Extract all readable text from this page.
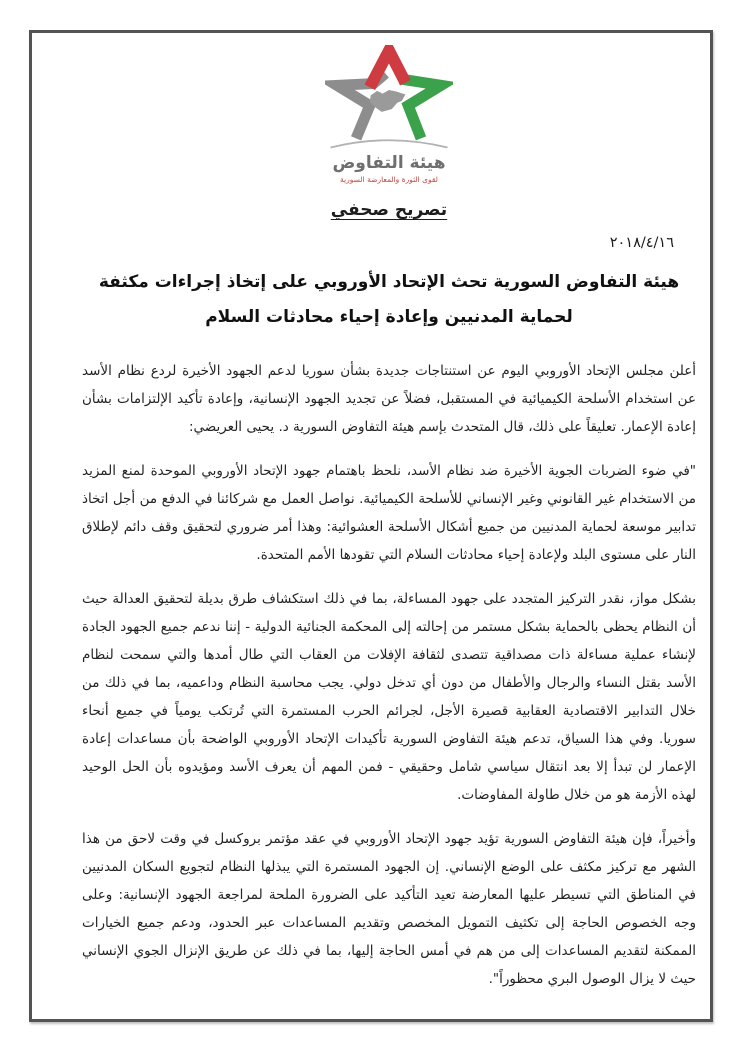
هيئة التفاوض
لقوى الثورة والمعارضة السورية
تصريح صحفي
٢٠١٨/٤/١٦
هيئة التفاوض السورية تحث الإتحاد الأوروبي على إتخاذ إجراءات مكثفة لحماية المدنيين وإعادة إحياء محادثات السلام

أعلن مجلس الإتحاد الأوروبي اليوم عن استنتاجات جديدة بشأن سوريا لدعم الجهود الأخيرة لردع نظام الأسد عن استخدام الأسلحة الكيميائية في المستقبل، فضلاً عن تجديد الجهود الإنسانية، وإعادة تأكيد الإلتزامات بشأن إعادة الإعمار. تعليقاً على ذلك، قال المتحدث بإسم هيئة التفاوض السورية د. يحيى العريضي:

"في ضوء الضربات الجوية الأخيرة ضد نظام الأسد، نلحظ باهتمام جهود الإتحاد الأوروبي الموحدة لمنع المزيد من الاستخدام غير القانوني وغير الإنساني للأسلحة الكيميائية. نواصل العمل مع شركائنا في الدفع من أجل اتخاذ تدابير موسعة لحماية المدنيين من جميع أشكال الأسلحة العشوائية: وهذا أمر ضروري لتحقيق وقف دائم لإطلاق النار على مستوى البلد ولإعادة إحياء محادثات السلام التي تقودها الأمم المتحدة.

بشكل مواز، نقدر التركيز المتجدد على جهود المساءلة، بما في ذلك استكشاف طرق بديلة لتحقيق العدالة حيث أن النظام يحظى بالحماية بشكل مستمر من إحالته إلى المحكمة الجنائية الدولية - إننا ندعم جميع الجهود الجادة لإنشاء عملية مساءلة ذات مصداقية تتصدى لثقافة الإفلات من العقاب التي طال أمدها والتي سمحت لنظام الأسد بقتل النساء والرجال والأطفال من دون أي تدخل دولي. يجب محاسبة النظام وداعميه، بما في ذلك من خلال التدابير الاقتصادية العقابية قصيرة الأجل، لجرائم الحرب المستمرة التي تُرتكب يومياً في جميع أنحاء سوريا. وفي هذا السياق، تدعم هيئة التفاوض السورية تأكيدات الإتحاد الأوروبي الواضحة بأن مساعدات إعادة الإعمار لن تبدأ إلا بعد انتقال سياسي شامل وحقيقي - فمن المهم أن يعرف الأسد ومؤيدوه بأن الحل الوحيد لهذه الأزمة هو من خلال طاولة المفاوضات.

وأخيراً، فإن هيئة التفاوض السورية تؤيد جهود الإتحاد الأوروبي في عقد مؤتمر بروكسل في وقت لاحق من هذا الشهر مع تركيز مكثف على الوضع الإنساني. إن الجهود المستمرة التي يبذلها النظام لتجويع السكان المدنيين في المناطق التي تسيطر عليها المعارضة تعيد التأكيد على الضرورة الملحة لمراجعة الجهود الإنسانية: وعلى وجه الخصوص الحاجة إلى تكثيف التمويل المخصص وتقديم المساعدات عبر الحدود، ودعم جميع الخيارات الممكنة لتقديم المساعدات إلى من هم في أمس الحاجة إليها، بما في ذلك عن طريق الإنزال الجوي الإنساني حيث لا يزال الوصول البري محظوراً".
